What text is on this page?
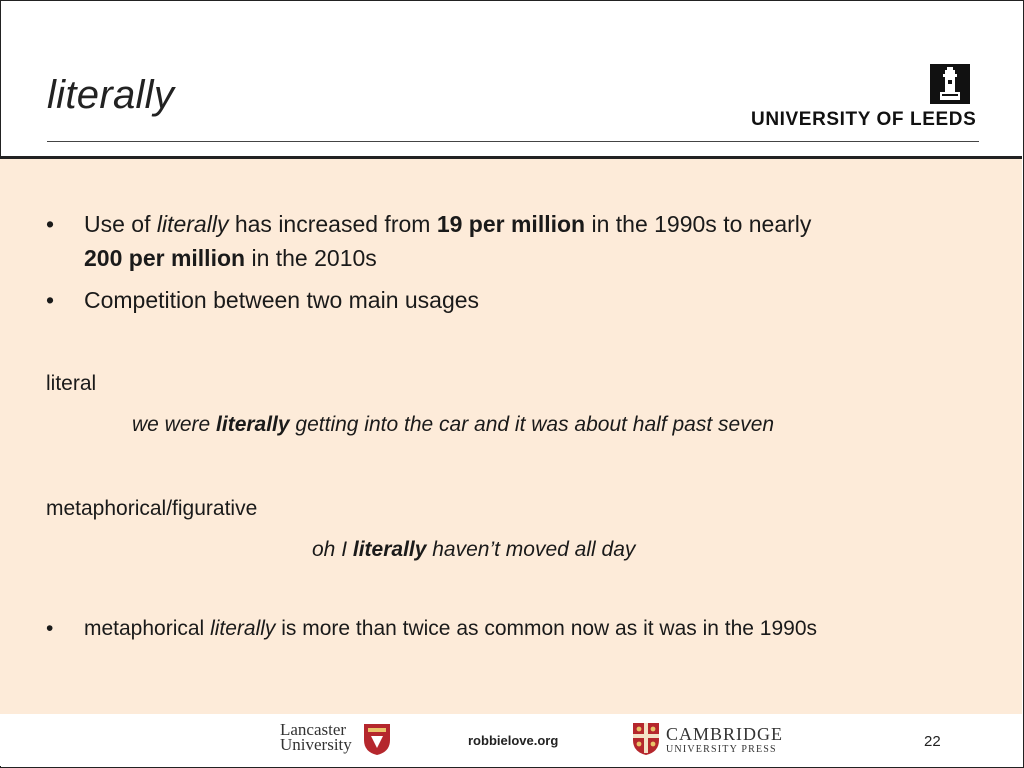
literally
UNIVERSITY OF LEEDS
•	Use of literally has increased from 19 per million in the 1990s to nearly
200 per million in the 2010s
•	Competition between two main usages
literal
we were literally getting into the car and it was about half past seven
metaphorical/figurative
oh I literally haven’t moved all day
•	metaphorical literally is more than twice as common now as it was in the 1990s
Lancaster
University	robbielove.org	CAMBRIDGE
UNIVERSITY PRESS	22
